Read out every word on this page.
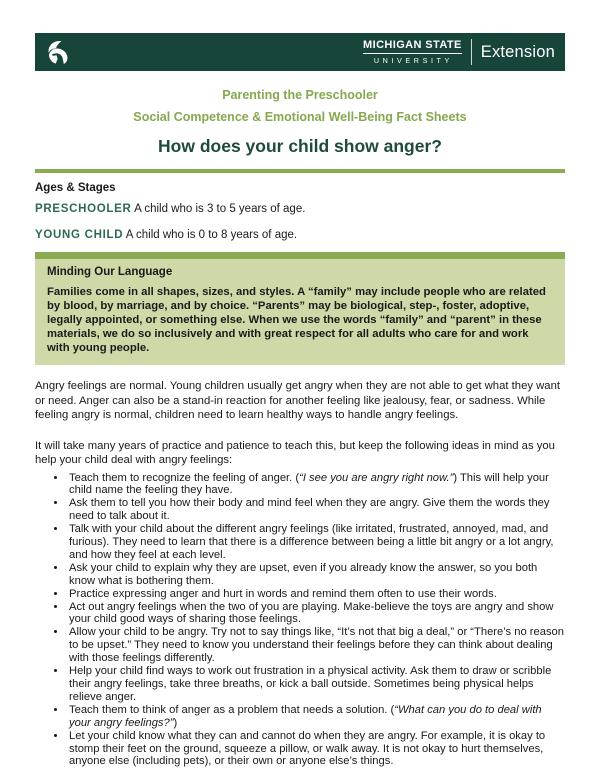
MICHIGAN STATE
UNIVERSITY	Extension

Parenting the Preschooler

Social Competence & Emotional Well-Being Fact Sheets

How does your child show anger?
Ages & Stages

PRESCHOOLER A child who is 3 to 5 years of age.

YOUNG CHILD A child who is 0 to 8 years of age.

Minding Our Language

Families come in all shapes, sizes, and styles. A “family” may include people who are related by blood, by marriage, and by choice. “Parents” may be biological, step-, foster, adoptive, legally appointed, or something else. When we use the words “family” and “parent” in these materials, we do so inclusively and with great respect for all adults who care for and work with young people.

Angry feelings are normal. Young children usually get angry when they are not able to get what they want or need. Anger can also be a stand-in reaction for another feeling like jealousy, fear, or sadness. While feeling angry is normal, children need to learn healthy ways to handle angry feelings.

It will take many years of practice and patience to teach this, but keep the following ideas in mind as you help your child deal with angry feelings:

• Teach them to recognize the feeling of anger. (“I see you are angry right now.”) This will help your child name the feeling they have.
• Ask them to tell you how their body and mind feel when they are angry. Give them the words they need to talk about it.
• Talk with your child about the different angry feelings (like irritated, frustrated, annoyed, mad, and furious). They need to learn that there is a difference between being a little bit angry or a lot angry, and how they feel at each level.
• Ask your child to explain why they are upset, even if you already know the answer, so you both know what is bothering them.
• Practice expressing anger and hurt in words and remind them often to use their words.
• Act out angry feelings when the two of you are playing. Make-believe the toys are angry and show your child good ways of sharing those feelings.
• Allow your child to be angry. Try not to say things like, “It’s not that big a deal,” or “There’s no reason to be upset.” They need to know you understand their feelings before they can think about dealing with those feelings differently.
• Help your child find ways to work out frustration in a physical activity. Ask them to draw or scribble their angry feelings, take three breaths, or kick a ball outside. Sometimes being physical helps relieve anger.
• Teach them to think of anger as a problem that needs a solution. (“What can you do to deal with your angry feelings?”)
• Let your child know what they can and cannot do when they are angry. For example, it is okay to stomp their feet on the ground, squeeze a pillow, or walk away. It is not okay to hurt themselves, anyone else (including pets), or their own or anyone else’s things.
